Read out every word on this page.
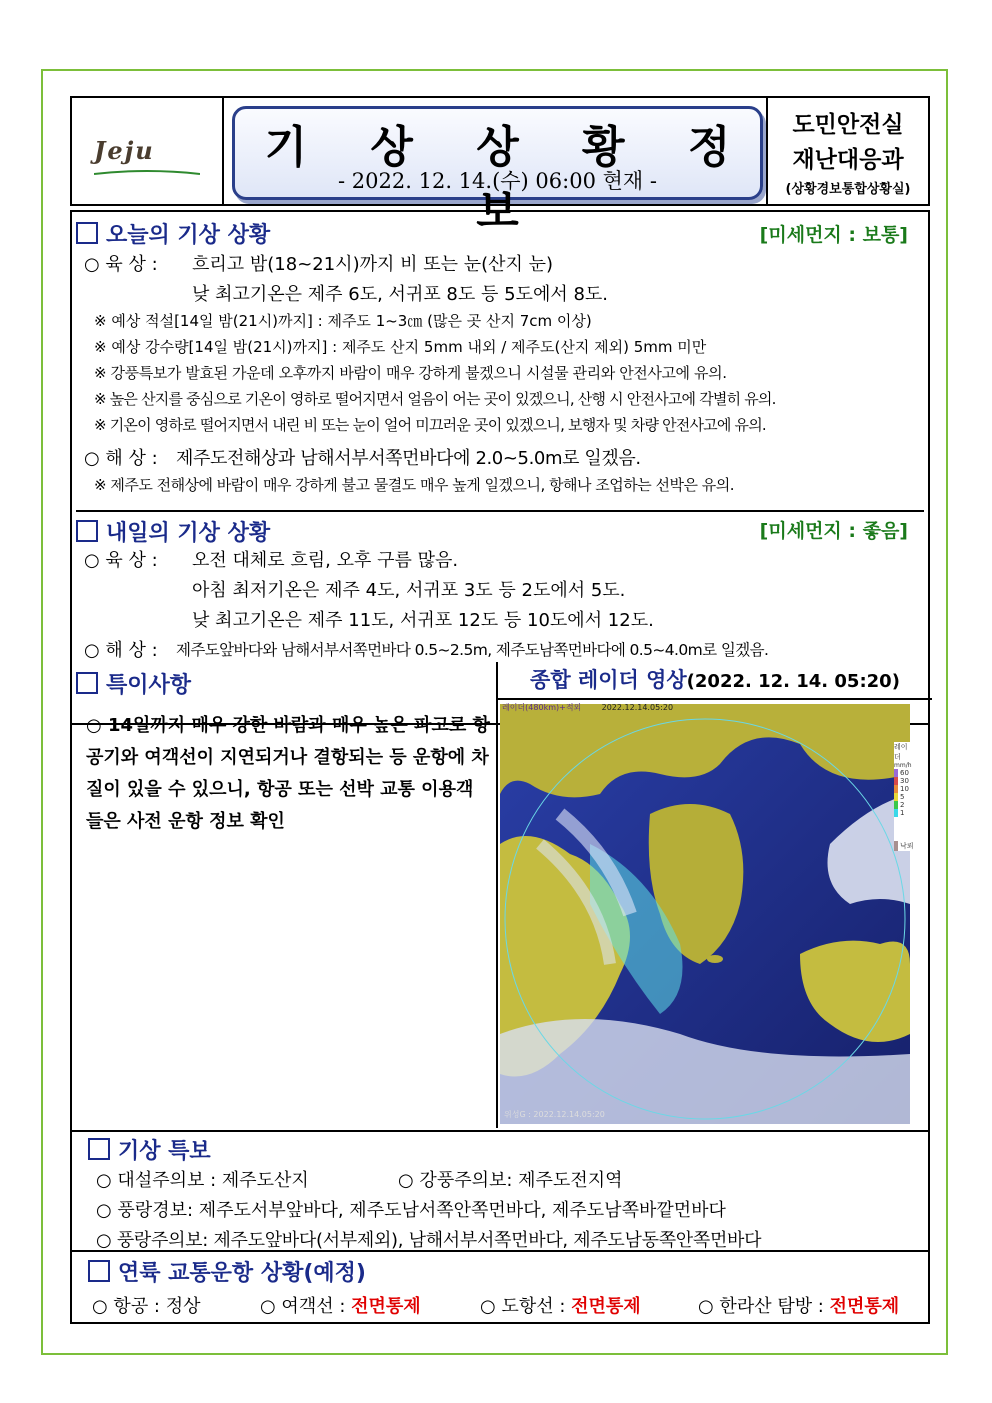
Jeju	기 상 상 황 정 보
- 2022. 12. 14.(수) 06:00 현재 -
도민안전실
재난대응과
(상황경보통합상황실)
오늘의 기상 상황	[미세먼지 : 보통]
○ 육 상 : 흐리고 밤(18~21시)까지 비 또는 눈(산지 눈)
낮 최고기온은 제주 6도, 서귀포 8도 등 5도에서 8도.
※ 예상 적설[14일 밤(21시)까지] : 제주도 1~3㎝ (많은 곳 산지 7cm 이상)
※ 예상 강수량[14일 밤(21시)까지] : 제주도 산지 5mm 내외 / 제주도(산지 제외) 5mm 미만
※ 강풍특보가 발효된 가운데 오후까지 바람이 매우 강하게 불겠으니 시설물 관리와 안전사고에 유의.
※ 높은 산지를 중심으로 기온이 영하로 떨어지면서 얼음이 어는 곳이 있겠으니, 산행 시 안전사고에 각별히 유의.
※ 기온이 영하로 떨어지면서 내린 비 또는 눈이 얼어 미끄러운 곳이 있겠으니, 보행자 및 차량 안전사고에 유의.
○ 해 상 : 제주도전해상과 남해서부서쪽먼바다에 2.0~5.0m로 일겠음.
※ 제주도 전해상에 바람이 매우 강하게 불고 물결도 매우 높게 일겠으니, 항해나 조업하는 선박은 유의.
내일의 기상 상황	[미세먼지 : 좋음]
○ 육 상 : 오전 대체로 흐림, 오후 구름 많음.
아침 최저기온은 제주 4도, 서귀포 3도 등 2도에서 5도.
낮 최고기온은 제주 11도, 서귀포 12도 등 10도에서 12도.
○ 해 상 : 제주도앞바다와 남해서부서쪽먼바다 0.5~2.5m, 제주도남쪽먼바다에 0.5~4.0m로 일겠음.
특이사항
○ 14일까지 매우 강한 바람과 매우 높은 파고로 항공기와 여객선이 지연되거나 결항되는 등 운항에 차질이 있을 수 있으니, 항공 또는 선박 교통 이용객들은 사전 운항 정보 확인
종합 레이더 영상(2022. 12. 14. 05:20)
레이더(480km)+적외	2022.12.14.05:20
위성G : 2022.12.14.05:20
레이더
mm/h
60
30
10
5
2
1
낙뢰
기상 특보
○ 대설주의보 : 제주도산지	○ 강풍주의보: 제주도전지역
○ 풍랑경보: 제주도서부앞바다, 제주도남서쪽안쪽먼바다, 제주도남쪽바깥먼바다
○ 풍랑주의보: 제주도앞바다(서부제외), 남해서부서쪽먼바다, 제주도남동쪽안쪽먼바다
연륙 교통운항 상황(예정)
○ 항공 : 정상	○ 여객선 : 전면통제	○ 도항선 : 전면통제	○ 한라산 탐방 : 전면통제
